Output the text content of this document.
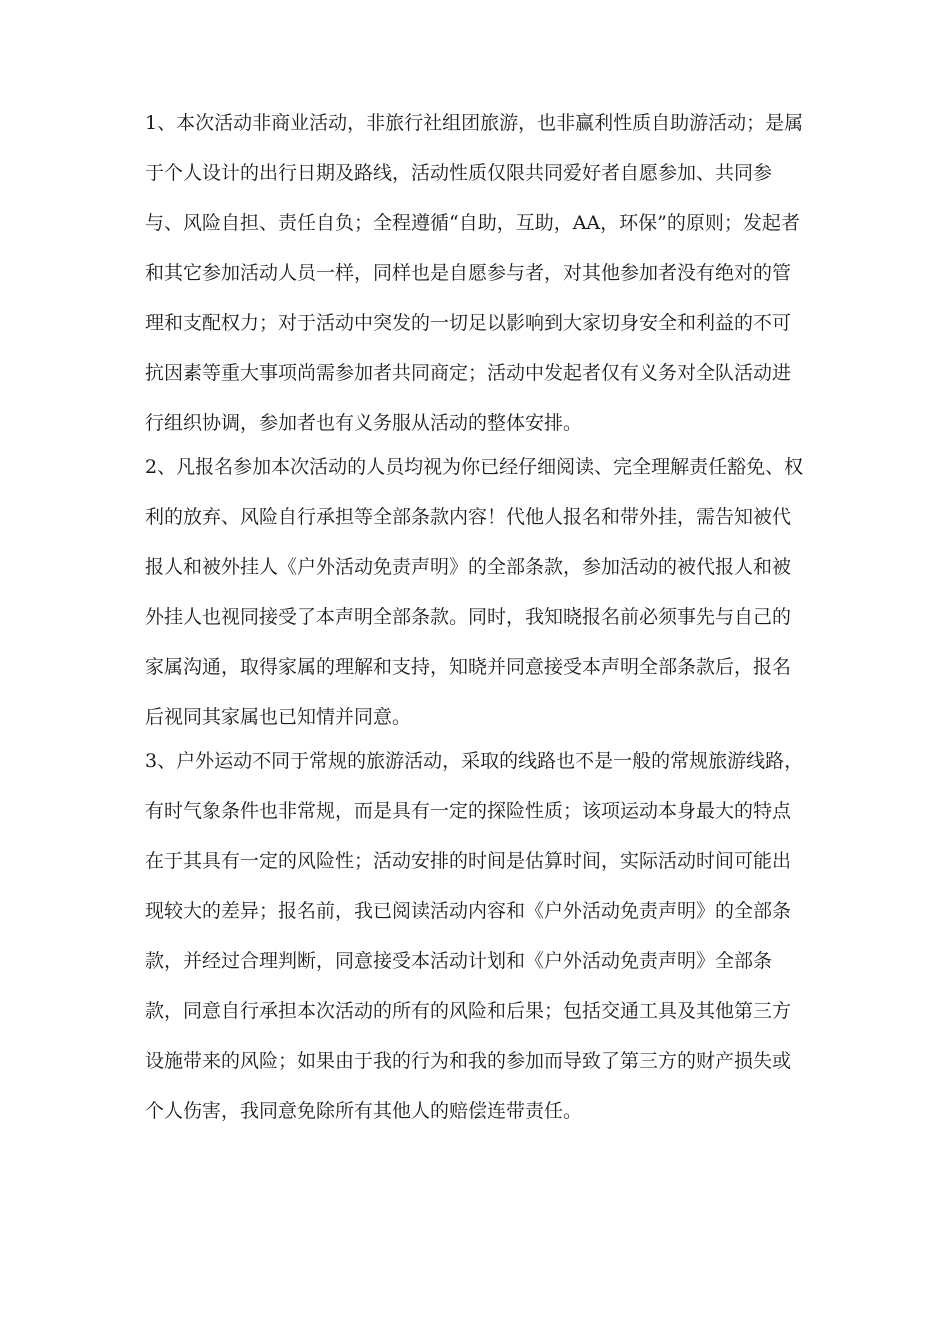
1、本次活动非商业活动，非旅行社组团旅游，也非赢利性质自助游活动；是属
于个人设计的出行日期及路线，活动性质仅限共同爱好者自愿参加、共同参
与、风险自担、责任自负；全程遵循“自助，互助，AA，环保”的原则；发起者
和其它参加活动人员一样，同样也是自愿参与者，对其他参加者没有绝对的管
理和支配权力；对于活动中突发的一切足以影响到大家切身安全和利益的不可
抗因素等重大事项尚需参加者共同商定；活动中发起者仅有义务对全队活动进
行组织协调，参加者也有义务服从活动的整体安排。
2、凡报名参加本次活动的人员均视为你已经仔细阅读、完全理解责任豁免、权
利的放弃、风险自行承担等全部条款内容！代他人报名和带外挂，需告知被代
报人和被外挂人《户外活动免责声明》的全部条款，参加活动的被代报人和被
外挂人也视同接受了本声明全部条款。同时，我知晓报名前必须事先与自己的
家属沟通，取得家属的理解和支持，知晓并同意接受本声明全部条款后，报名
后视同其家属也已知情并同意。
3、户外运动不同于常规的旅游活动，采取的线路也不是一般的常规旅游线路，
有时气象条件也非常规，而是具有一定的探险性质；该项运动本身最大的特点
在于其具有一定的风险性；活动安排的时间是估算时间，实际活动时间可能出
现较大的差异；报名前，我已阅读活动内容和《户外活动免责声明》的全部条
款，并经过合理判断，同意接受本活动计划和《户外活动免责声明》全部条
款，同意自行承担本次活动的所有的风险和后果；包括交通工具及其他第三方
设施带来的风险；如果由于我的行为和我的参加而导致了第三方的财产损失或
个人伤害，我同意免除所有其他人的赔偿连带责任。
